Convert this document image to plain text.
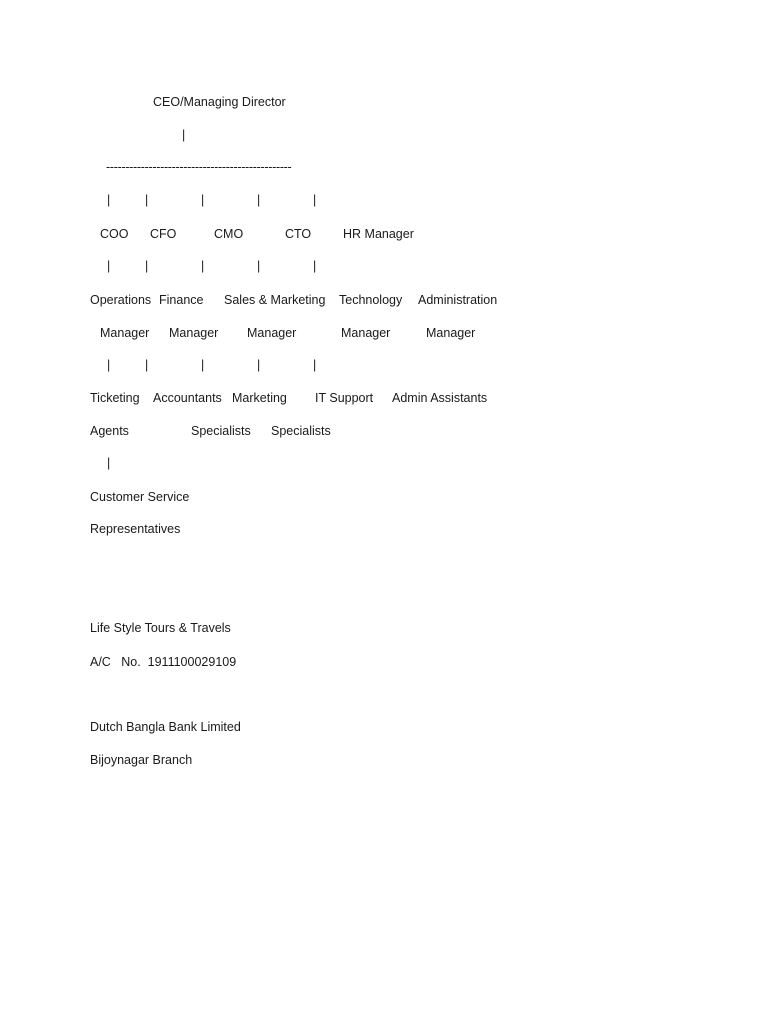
CEO/Managing Director
|
------------------------------------------------
|	|	|	|	|
COO CFO	CMO	CTO	HR Manager
|	|	|	|	|
Operations Finance Sales & Marketing Technology Administration
Manager Manager Manager	Manager	Manager
|	|	|	|	|
Ticketing Accountants Marketing IT Support Admin Assistants
Agents	Specialists Specialists
|
Customer Service
Representatives
Life Style Tours & Travels
A/C   No.  1911100029109
Dutch Bangla Bank Limited
Bijoynagar Branch
